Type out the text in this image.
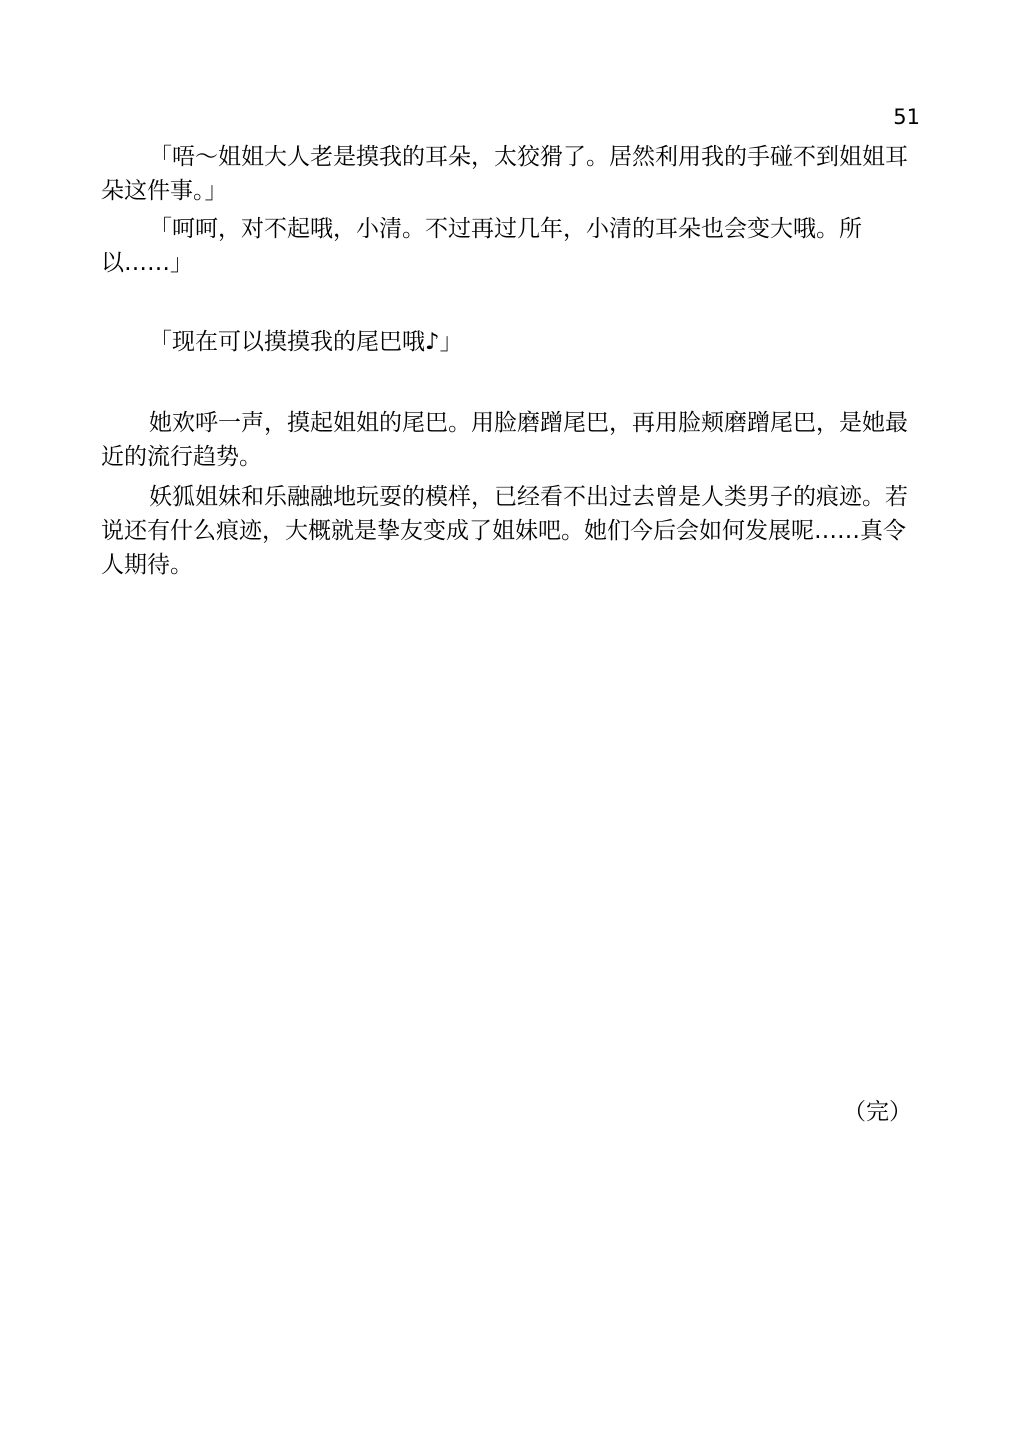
51

「唔～姐姐大人老是摸我的耳朵，太狡猾了。居然利用我的手碰不到姐姐耳朵这件事。」

「呵呵，对不起哦，小清。不过再过几年，小清的耳朵也会变大哦。所以……」

「现在可以摸摸我的尾巴哦♪」

她欢呼一声，摸起姐姐的尾巴。用脸磨蹭尾巴，再用脸颊磨蹭尾巴，是她最近的流行趋势。

妖狐姐妹和乐融融地玩耍的模样，已经看不出过去曾是人类男子的痕迹。若说还有什么痕迹，大概就是挚友变成了姐妹吧。她们今后会如何发展呢……真令人期待。

（完）
